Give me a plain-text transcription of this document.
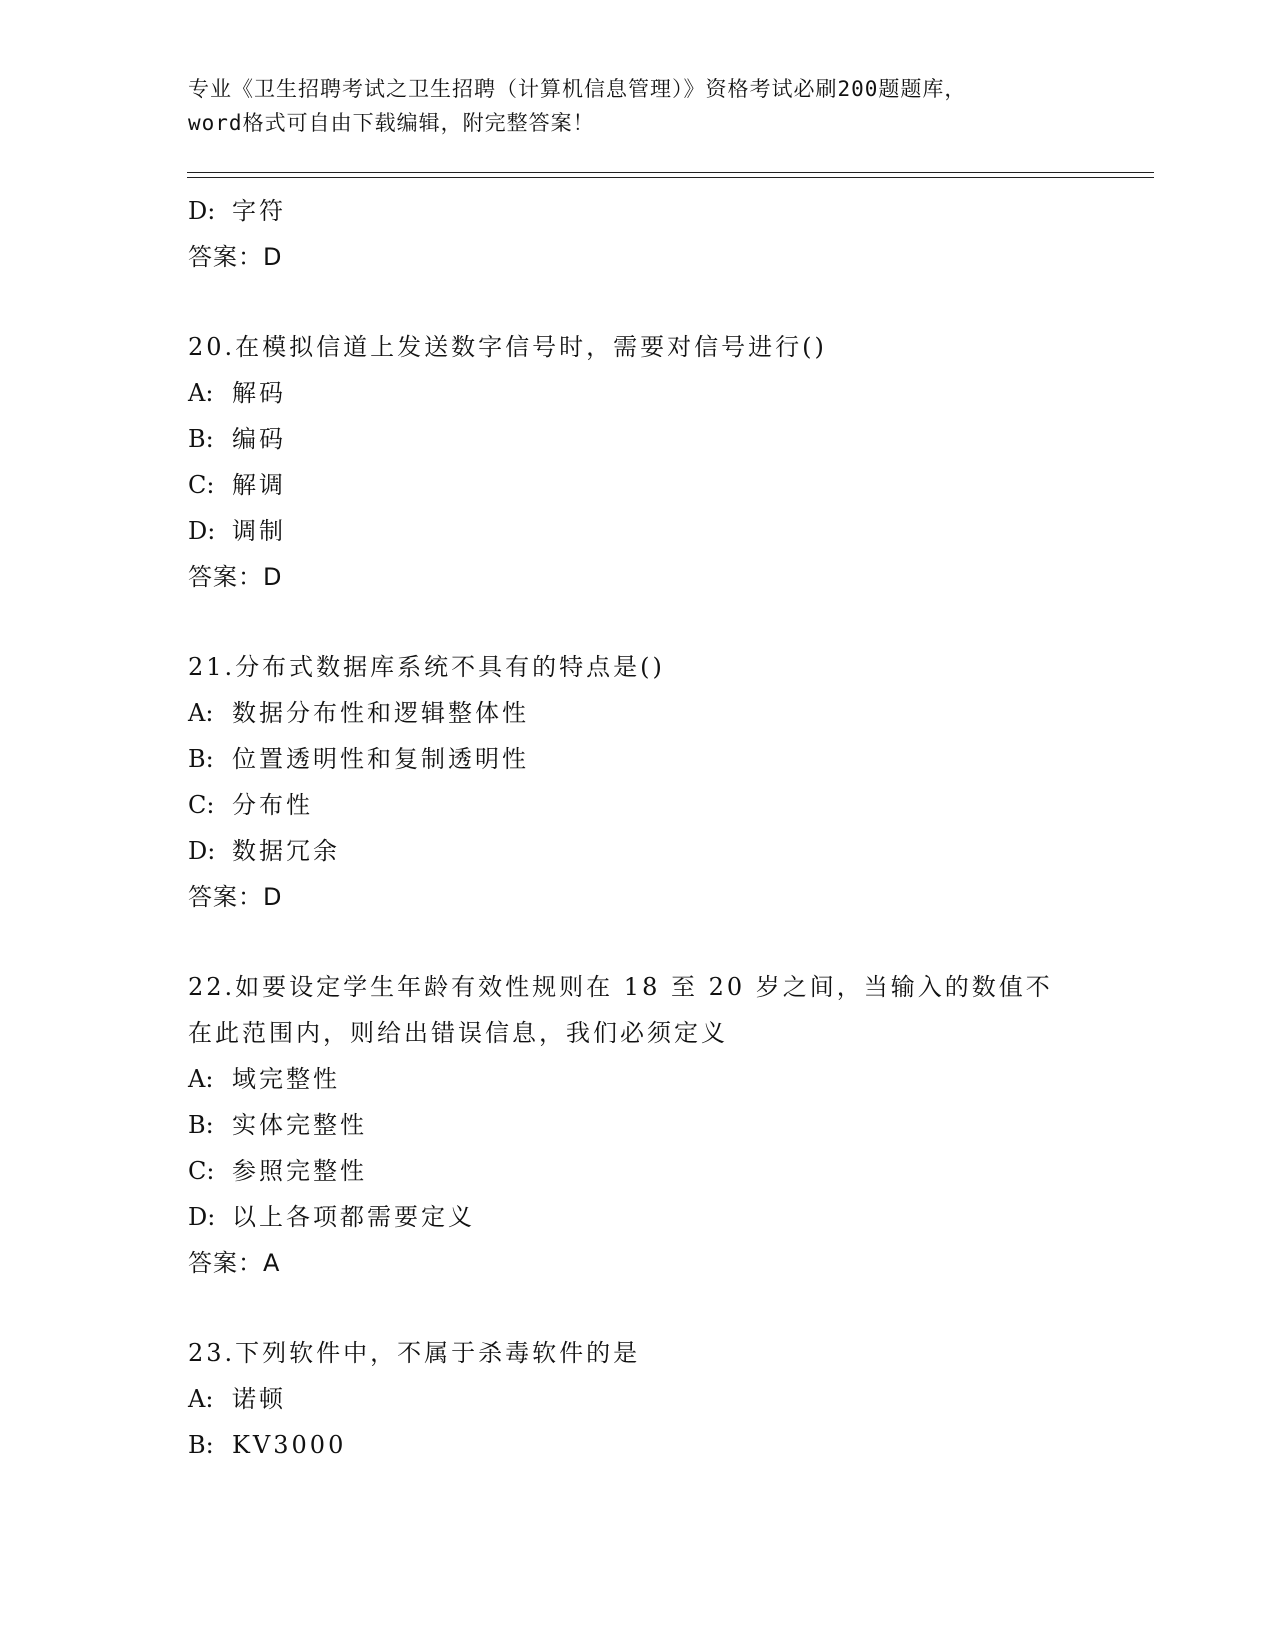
专业《卫生招聘考试之卫生招聘（计算机信息管理）》资格考试必刷200题题库，
word格式可自由下载编辑，附完整答案！
D: 字符
答案：D
20.在模拟信道上发送数字信号时，需要对信号进行()
A: 解码
B: 编码
C: 解调
D: 调制
答案：D
21.分布式数据库系统不具有的特点是()
A: 数据分布性和逻辑整体性
B: 位置透明性和复制透明性
C: 分布性
D: 数据冗余
答案：D
22.如要设定学生年龄有效性规则在 18 至 20 岁之间，当输入的数值不
在此范围内，则给出错误信息，我们必须定义
A: 域完整性
B: 实体完整性
C: 参照完整性
D: 以上各项都需要定义
答案：A
23.下列软件中，不属于杀毒软件的是
A: 诺顿
B: KV3000
